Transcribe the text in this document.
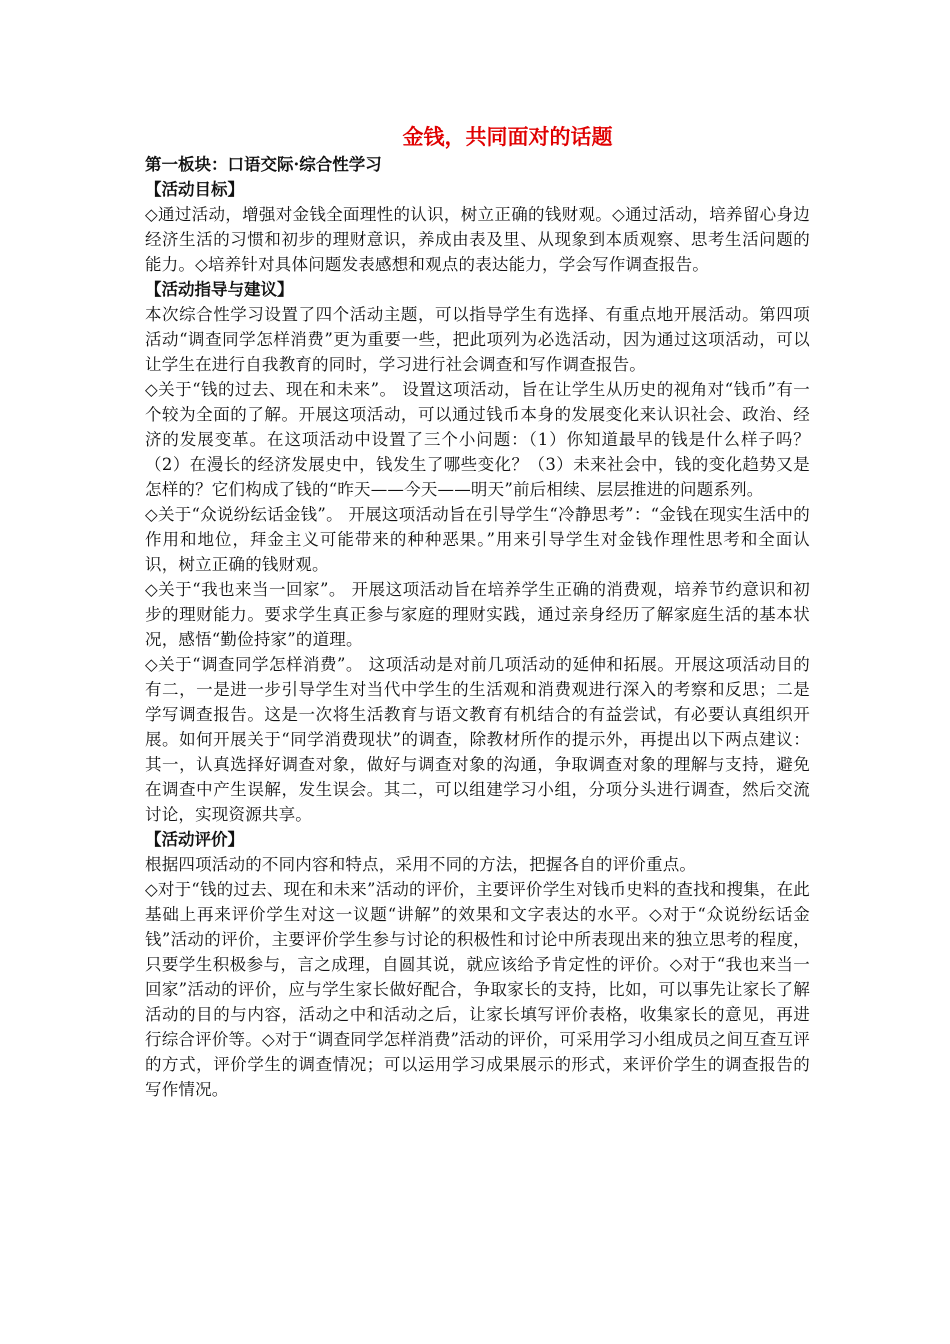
金钱，共同面对的话题

第一板块：口语交际·综合性学习

【活动目标】

◇通过活动，增强对金钱全面理性的认识，树立正确的钱财观。◇通过活动，培养留心身边经济生活的习惯和初步的理财意识，养成由表及里、从现象到本质观察、思考生活问题的能力。◇培养针对具体问题发表感想和观点的表达能力，学会写作调查报告。

【活动指导与建议】

本次综合性学习设置了四个活动主题，可以指导学生有选择、有重点地开展活动。第四项活动“调查同学怎样消费”更为重要一些，把此项列为必选活动，因为通过这项活动，可以让学生在进行自我教育的同时，学习进行社会调查和写作调查报告。

◇关于“钱的过去、现在和未来”。 设置这项活动，旨在让学生从历史的视角对“钱币”有一个较为全面的了解。开展这项活动，可以通过钱币本身的发展变化来认识社会、政治、经济的发展变革。在这项活动中设置了三个小问题：（1）你知道最早的钱是什么样子吗？（2）在漫长的经济发展史中，钱发生了哪些变化？（3）未来社会中，钱的变化趋势又是怎样的？它们构成了钱的“昨天——今天——明天”前后相续、层层推进的问题系列。

◇关于“众说纷纭话金钱”。 开展这项活动旨在引导学生“冷静思考”：“金钱在现实生活中的作用和地位，拜金主义可能带来的种种恶果。”用来引导学生对金钱作理性思考和全面认识，树立正确的钱财观。

◇关于“我也来当一回家”。 开展这项活动旨在培养学生正确的消费观，培养节约意识和初步的理财能力。要求学生真正参与家庭的理财实践，通过亲身经历了解家庭生活的基本状况，感悟“勤俭持家”的道理。

◇关于“调查同学怎样消费”。 这项活动是对前几项活动的延伸和拓展。开展这项活动目的有二，一是进一步引导学生对当代中学生的生活观和消费观进行深入的考察和反思；二是学写调查报告。这是一次将生活教育与语文教育有机结合的有益尝试，有必要认真组织开展。如何开展关于“同学消费现状”的调查，除教材所作的提示外，再提出以下两点建议：其一，认真选择好调查对象，做好与调查对象的沟通，争取调查对象的理解与支持，避免在调查中产生误解，发生误会。其二，可以组建学习小组，分项分头进行调查，然后交流讨论，实现资源共享。

【活动评价】

根据四项活动的不同内容和特点，采用不同的方法，把握各自的评价重点。

◇对于“钱的过去、现在和未来”活动的评价，主要评价学生对钱币史料的查找和搜集，在此基础上再来评价学生对这一议题“讲解”的效果和文字表达的水平。◇对于“众说纷纭话金钱”活动的评价，主要评价学生参与讨论的积极性和讨论中所表现出来的独立思考的程度，只要学生积极参与，言之成理，自圆其说，就应该给予肯定性的评价。◇对于“我也来当一回家”活动的评价，应与学生家长做好配合，争取家长的支持，比如，可以事先让家长了解活动的目的与内容，活动之中和活动之后，让家长填写评价表格，收集家长的意见，再进行综合评价等。◇对于“调查同学怎样消费”活动的评价，可采用学习小组成员之间互查互评的方式，评价学生的调查情况；可以运用学习成果展示的形式，来评价学生的调查报告的写作情况。
